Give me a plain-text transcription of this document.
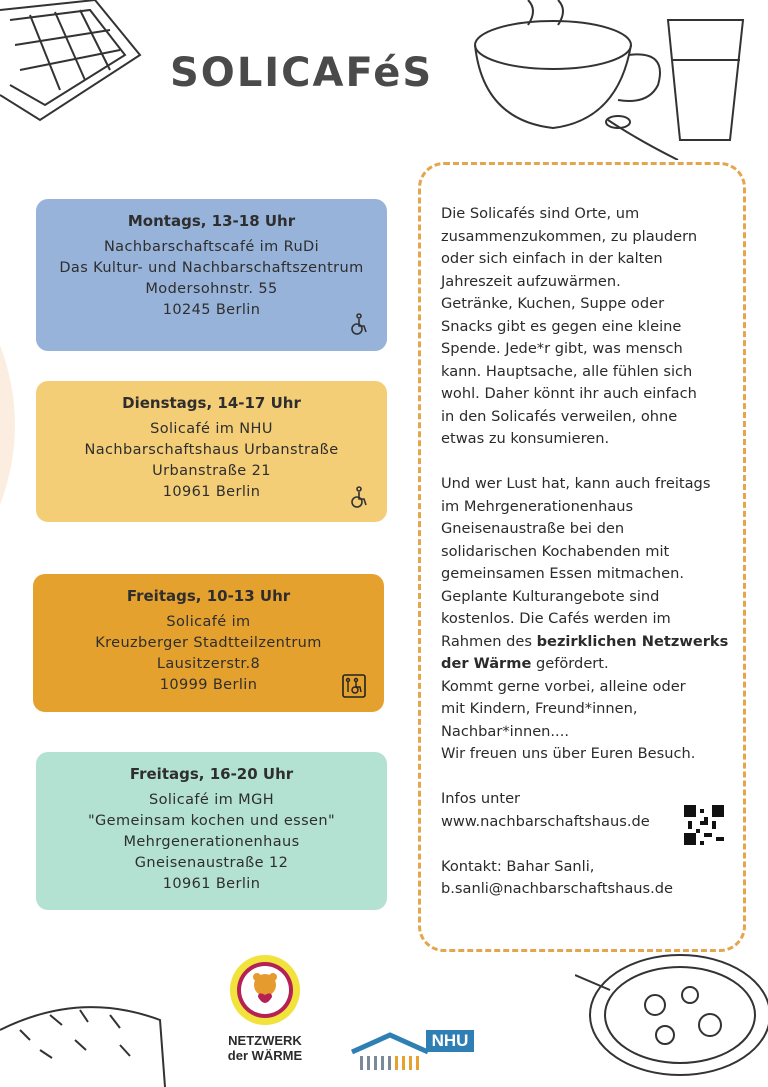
SOLICAFéS
Montags, 13-18 Uhr
Nachbarschaftscafé im RuDi
Das Kultur- und Nachbarschaftszentrum
Modersohnstr. 55
10245 Berlin
Dienstags, 14-17 Uhr
Solicafé im NHU
Nachbarschaftshaus Urbanstraße
Urbanstraße 21
10961 Berlin
Freitags, 10-13 Uhr
Solicafé im
Kreuzberger Stadtteilzentrum
Lausitzerstr.8
10999 Berlin
Freitags, 16-20 Uhr
Solicafé im MGH
"Gemeinsam kochen und essen"
Mehrgenerationenhaus
Gneisenaustraße 12
10961 Berlin

Die Solicafés sind Orte, um

zusammenzukommen, zu plaudern

oder sich einfach in der kalten

Jahreszeit aufzuwärmen.

Getränke, Kuchen, Suppe oder

Snacks gibt es gegen eine kleine

Spende. Jede*r gibt, was mensch

kann. Hauptsache, alle fühlen sich

wohl. Daher könnt ihr auch einfach

in den Solicafés verweilen, ohne

etwas zu konsumieren.

Und wer Lust hat, kann auch freitags

im Mehrgenerationenhaus

Gneisenaustraße bei den

solidarischen Kochabenden mit

gemeinsamen Essen mitmachen.

Geplante Kulturangebote sind

kostenlos. Die Cafés werden im

Rahmen des bezirklichen Netzwerks

der Wärme gefördert.

Kommt gerne vorbei, alleine oder

mit Kindern, Freund*innen,

Nachbar*innen....

Wir freuen uns über Euren Besuch.

Infos unter

www.nachbarschaftshaus.de

Kontakt: Bahar Sanli,

b.sanli@nachbarschaftshaus.de

NETZWERK
der WÄRME
NHU
